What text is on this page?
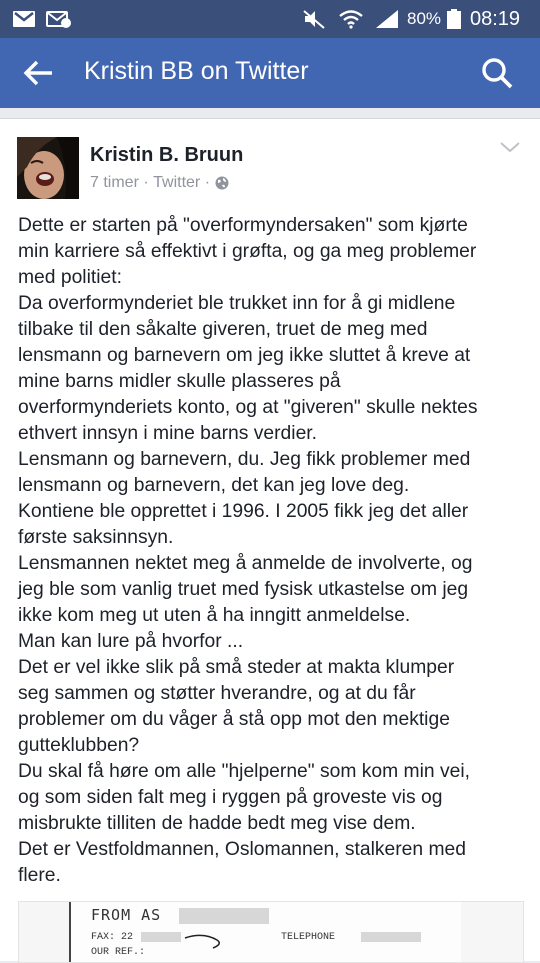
80% 08:19
Kristin BB on Twitter
Kristin B. Bruun
7 timer · Twitter ·
Dette er starten på "overformyndersaken" som kjørte
min karriere så effektivt i grøfta, og ga meg problemer
med politiet:
Da overformynderiet ble trukket inn for å gi midlene
tilbake til den såkalte giveren, truet de meg med
lensmann og barnevern om jeg ikke sluttet å kreve at
mine barns midler skulle plasseres på
overformynderiets konto, og at "giveren" skulle nektes
ethvert innsyn i mine barns verdier.
Lensmann og barnevern, du. Jeg fikk problemer med
lensmann og barnevern, det kan jeg love deg.
Kontiene ble opprettet i 1996. I 2005 fikk jeg det aller
første saksinnsyn.
Lensmannen nektet meg å anmelde de involverte, og
jeg ble som vanlig truet med fysisk utkastelse om jeg
ikke kom meg ut uten å ha inngitt anmeldelse.
Man kan lure på hvorfor ...
Det er vel ikke slik på små steder at makta klumper
seg sammen og støtter hverandre, og at du får
problemer om du våger å stå opp mot den mektige
gutteklubben?
Du skal få høre om alle "hjelperne" som kom min vei,
og som siden falt meg i ryggen på groveste vis og
misbrukte tilliten de hadde bedt meg vise dem.
Det er Vestfoldmannen, Oslomannen, stalkeren med
flere.
FROM AS
FAX: 22
OUR REF.:
TELEPHONE
